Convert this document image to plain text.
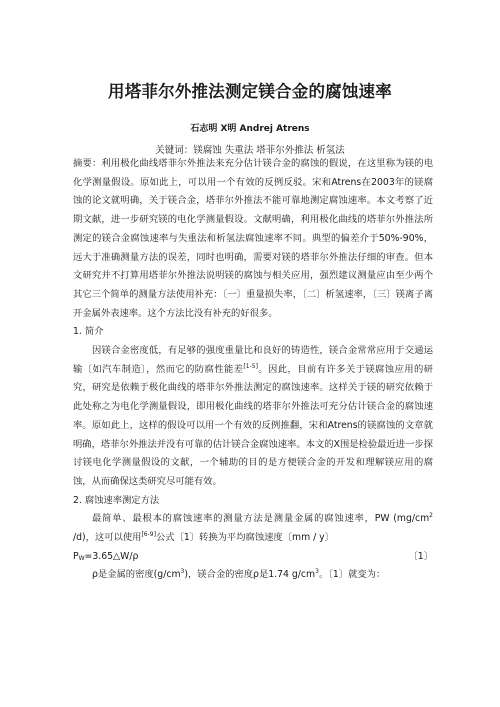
用塔菲尔外推法测定镁合金的腐蚀速率
石志明 X明 Andrej Atrens
关键词：镁腐蚀 失重法 塔菲尔外推法 析氢法

摘要：利用极化曲线塔菲尔外推法来充分估计镁合金的腐蚀的假说，在这里称为镁的电化学测量假设。原如此上，可以用一个有效的反例反驳。宋和Atrens在2003年的镁腐蚀的论文就明确，关于镁合金，塔菲尔外推法不能可靠地测定腐蚀速率。本文考察了近期文献，进一步研究镁的电化学测量假设。文献明确，利用极化曲线的塔菲尔外推法所测定的镁合金腐蚀速率与失重法和析氢法腐蚀速率不同。典型的偏差介于50%-90%，远大于准确测量方法的误差，同时也明确，需要对镁的塔菲尔外推法仔细的审查。但本文研究并不打算用塔菲尔外推法说明镁的腐蚀与相关应用，强烈建议测量应由至少两个其它三个简单的测量方法使用补充：〔一〕重量损失率，〔二〕析氢速率，〔三〕镁离子离开金属外表速率。这个方法比没有补充的好很多。

1. 简介

因镁合金密度低，有足够的强度重量比和良好的铸造性，镁合金常常应用于交通运输〔如汽车制造〕，然而它的防腐性能差[1-5]。因此，目前有许多关于镁腐蚀应用的研究，研究是依赖于极化曲线的塔菲尔外推法测定的腐蚀速率。这样关于镁的研究依赖于此处称之为电化学测量假设，即用极化曲线的塔菲尔外推法可充分估计镁合金的腐蚀速率。原如此上，这样的假设可以用一个有效的反例推翻，宋和Atrens的镁腐蚀的文章就明确，塔菲尔外推法并没有可靠的估计镁合金腐蚀速率。本文的X围是检验最近进一步探讨镁电化学测量假设的文献，一个辅助的目的是方便镁合金的开发和理解镁应用的腐蚀，从而确保这类研究尽可能有效。

2. 腐蚀速率测定方法

最简单、最根本的腐蚀速率的测量方法是测量金属的腐蚀速率，PW ($mg/cm^2$ /d)，这可以使用[6-9]公式〔1〕转换为平均腐蚀速度〔mm / y〕

$P_W=3.65\triangle W/\rho$	〔1〕

ρ是金属的密度$(g/cm^3)$，镁合金的密度ρ是1.74 $g/cm^3$。〔1〕就变为：
